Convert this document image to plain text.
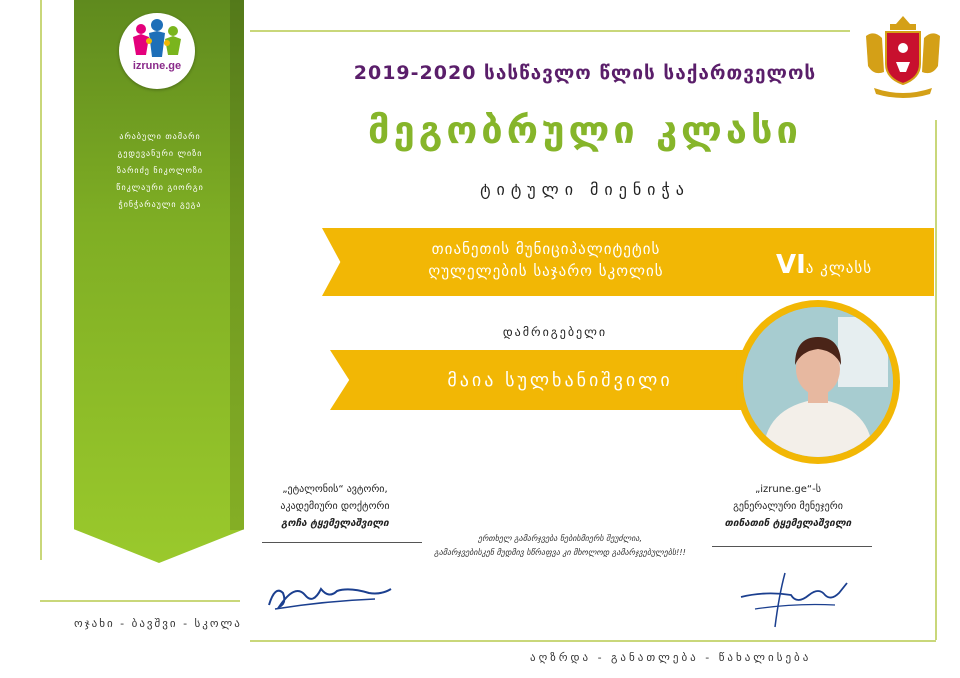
izrune.ge
არაბული თამარი
გედევანური ლიზი
ზარიძე ნიკოლოზი
წიკლაური გიორგი
ჭინჭარაული გეგა
2019-2020 სასწავლო წლის საქართველოს
მეგობრული კლასი
ტიტული მიენიჭა
თიანეთის მუნიციპალიტეტის
ღულელების საჯარო სკოლის	VIა კლასს
დამრიგებელი
მაია სულხანიშვილი
„ეტალონის“ ავტორი,
აკადემიური დოქტორი
გოჩა ტყემელაშვილი
„izrune.ge“-ს
გენერალური მენეჯერი
თინათინ ტყემელაშვილი
ერთხელ გამარჯვება ნებისმიერს შეუძლია,
გამარჯვებისკენ მუდმივ სწრაფვა კი მხოლოდ გამარჯვებულებს!!!
ოჯახი - ბავშვი - სკოლა
აღზრდა - განათლება - წახალისება
